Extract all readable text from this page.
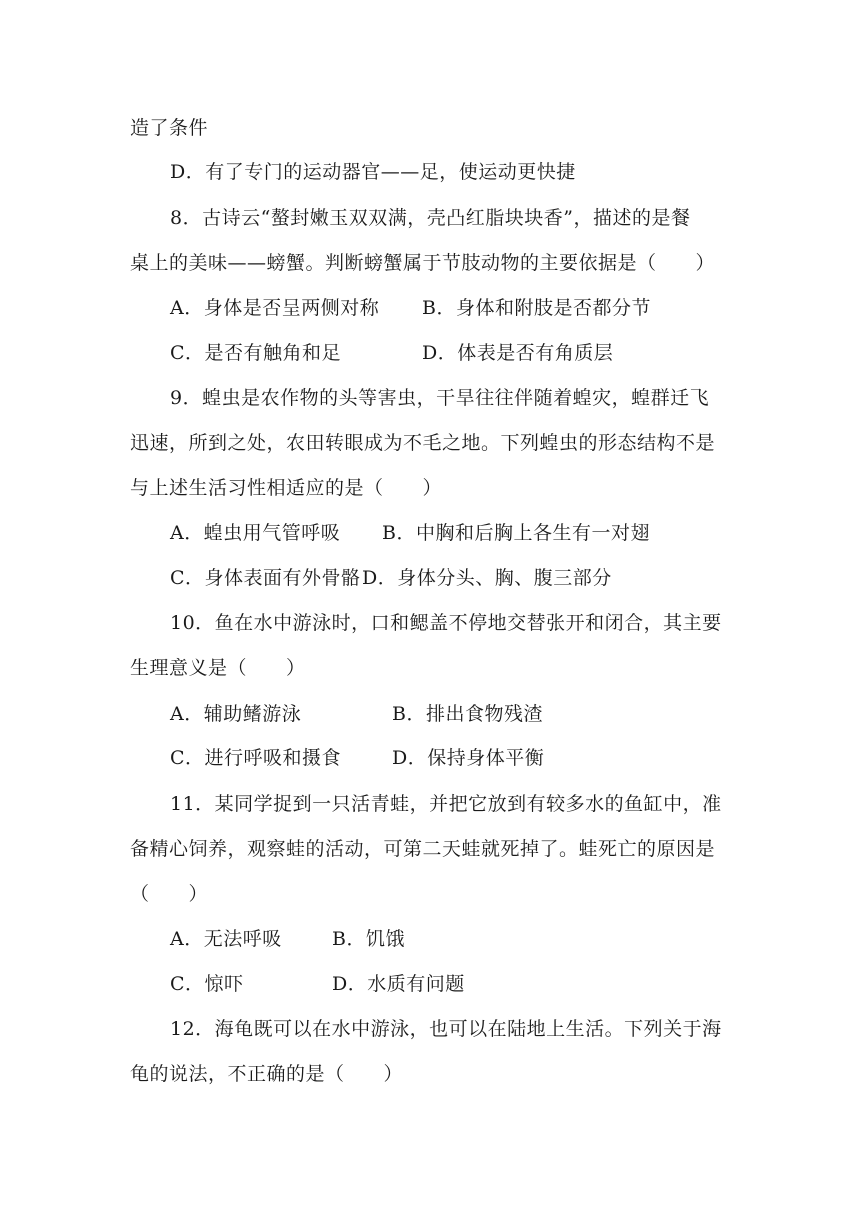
造了条件
D．有了专门的运动器官——足，使运动更快捷
8．古诗云“螯封嫩玉双双满，壳凸红脂块块香”，描述的是餐
桌上的美味——螃蟹。判断螃蟹属于节肢动物的主要依据是（　　）

A．身体是否呈两侧对称

B．身体和附肢是否都分节

C．是否有触角和足

	D．体表是否有角质层

9．蝗虫是农作物的头等害虫，干旱往往伴随着蝗灾，蝗群迁飞
迅速，所到之处，农田转眼成为不毛之地。下列蝗虫的形态结构不是
与上述生活习性相适应的是（　　）

A．蝗虫用气管呼吸

B．中胸和后胸上各生有一对翅

C．身体表面有外骨骼

D．身体分头、胸、腹三部分

10．鱼在水中游泳时，口和鳃盖不停地交替张开和闭合，其主要
生理意义是（　　）

A．辅助鳍游泳

	B．排出食物残渣

C．进行呼吸和摄食

	D．保持身体平衡

11．某同学捉到一只活青蛙，并把它放到有较多水的鱼缸中，准
备精心饲养，观察蛙的活动，可第二天蛙就死掉了。蛙死亡的原因是
（　　）

A．无法呼吸

	B．饥饿

C．惊吓

	D．水质有问题

12．海龟既可以在水中游泳，也可以在陆地上生活。下列关于海
龟的说法，不正确的是（　　）
